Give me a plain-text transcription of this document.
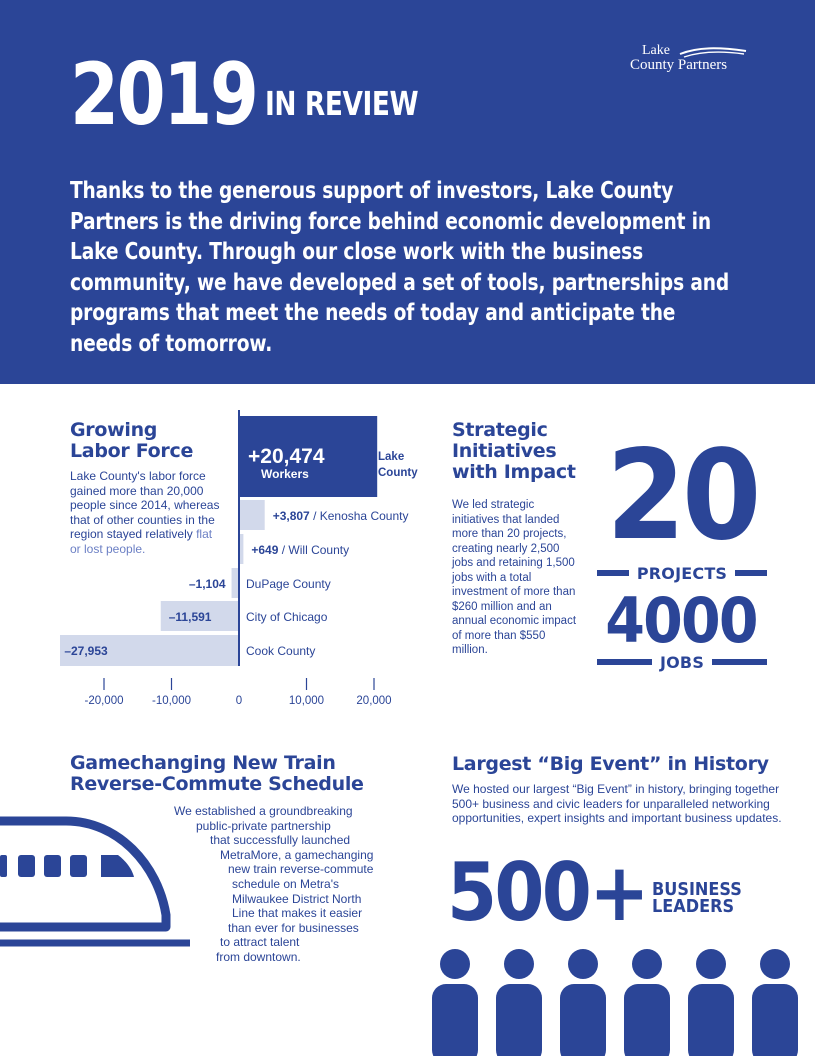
2019 IN REVIEW
Lake
County Partners
Thanks to the generous support of investors, Lake County Partners is the driving force behind economic development in Lake County. Through our close work with the business community, we have developed a set of tools, partnerships and programs that meet the needs of today and anticipate the needs of tomorrow.
Growing
Labor Force
Lake County's labor force gained more than 20,000 people since 2014, whereas that of other counties in the region stayed relatively flat or lost people.
+20,474
Workers
Lake
County
+3,807 / Kenosha County
+649 / Will County
–1,104 DuPage County
–11,591	City of Chicago
–27,953	Cook County
-20,000 -10,000	0	10,000	20,000
Strategic
Initiatives
with Impact
We led strategic initiatives that landed more than 20 projects, creating nearly 2,500 jobs and retaining 1,500 jobs with a total investment of more than $260 million and an annual economic impact of more than $550 million.
20
PROJECTS
4000
JOBS
Gamechanging New Train
Reverse-Commute Schedule
We established a groundbreaking
public-private partnership
that successfully launched
MetraMore, a gamechanging
new train reverse-commute
schedule on Metra's
Milwaukee District North
Line that makes it easier
than ever for businesses
to attract talent
from downtown.
Largest “Big Event” in History
We hosted our largest “Big Event” in history, bringing together 500+ business and civic leaders for unparalleled networking opportunities, expert insights and important business updates.
500+ BUSINESS
LEADERS
